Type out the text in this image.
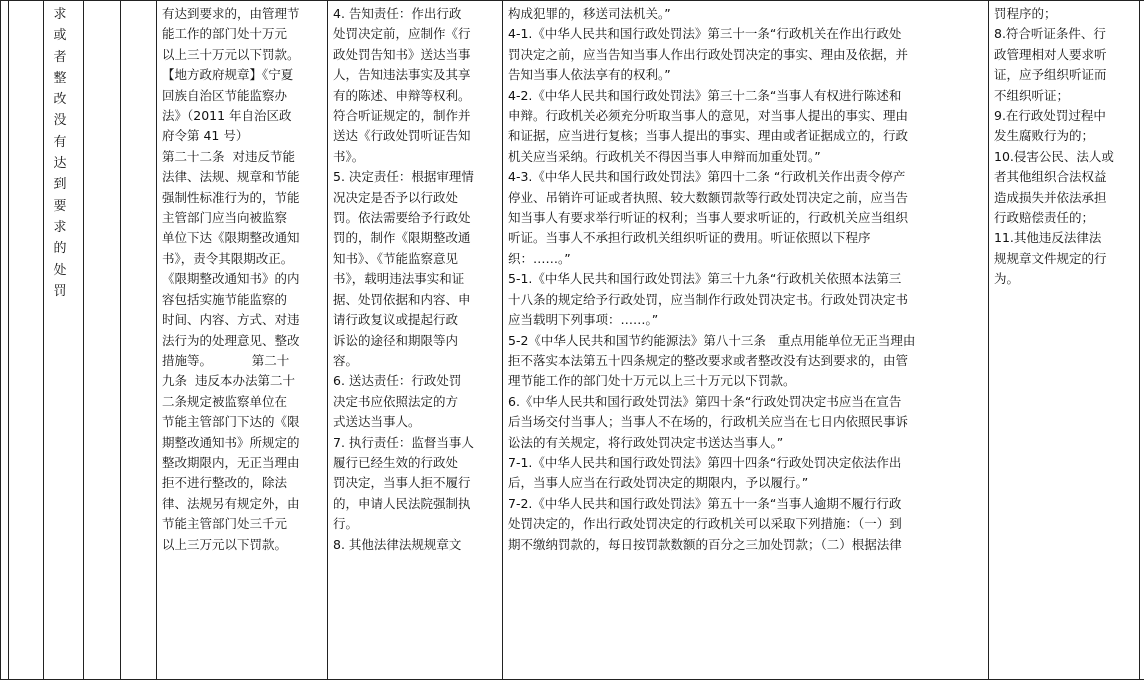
求
或
者
整
改
没
有
达
到
要
求
的
处
罚
有达到要求的，由管理节
能工作的部门处十万元
以上三十万元以下罚款。
【地方政府规章】《宁夏
回族自治区节能监察办
法》（2011 年自治区政
府令第 41 号）
第二十二条  对违反节能
法律、法规、规章和节能
强制性标准行为的，节能
主管部门应当向被监察
单位下达《限期整改通知
书》，责令其限期改正。
《限期整改通知书》的内
容包括实施节能监察的
时间、内容、方式、对违
法行为的处理意见、整改
措施等。          第二十
九条  违反本办法第二十
二条规定被监察单位在
节能主管部门下达的《限
期整改通知书》所规定的
整改期限内，无正当理由
拒不进行整改的，除法
律、法规另有规定外，由
节能主管部门处三千元
以上三万元以下罚款。
4. 告知责任：作出行政
处罚决定前，应制作《行
政处罚告知书》送达当事
人，告知违法事实及其享
有的陈述、申辩等权利。
符合听证规定的，制作并
送达《行政处罚听证告知
书》。
5. 决定责任：根据审理情
况决定是否予以行政处
罚。依法需要给予行政处
罚的，制作《限期整改通
知书》、《节能监察意见
书》，载明违法事实和证
据、处罚依据和内容、申
请行政复议或提起行政
诉讼的途径和期限等内
容。
6. 送达责任：行政处罚
决定书应依照法定的方
式送达当事人。
7. 执行责任：监督当事人
履行已经生效的行政处
罚决定，当事人拒不履行
的，申请人民法院强制执
行。
8. 其他法律法规规章文
构成犯罪的，移送司法机关。”
4-1.《中华人民共和国行政处罚法》第三十一条“行政机关在作出行政处
罚决定之前，应当告知当事人作出行政处罚决定的事实、理由及依据，并
告知当事人依法享有的权利。”
4-2.《中华人民共和国行政处罚法》第三十二条“当事人有权进行陈述和
申辩。行政机关必须充分听取当事人的意见，对当事人提出的事实、理由
和证据，应当进行复核；当事人提出的事实、理由或者证据成立的，行政
机关应当采纳。行政机关不得因当事人申辩而加重处罚。”
4-3.《中华人民共和国行政处罚法》第四十二条 “行政机关作出责令停产
停业、吊销许可证或者执照、较大数额罚款等行政处罚决定之前，应当告
知当事人有要求举行听证的权利；当事人要求听证的，行政机关应当组织
听证。当事人不承担行政机关组织听证的费用。听证依照以下程序
织：……。”
5-1.《中华人民共和国行政处罚法》第三十九条“行政机关依照本法第三
十八条的规定给予行政处罚，应当制作行政处罚决定书。行政处罚决定书
应当载明下列事项：……。”
5-2《中华人民共和国节约能源法》第八十三条   重点用能单位无正当理由
拒不落实本法第五十四条规定的整改要求或者整改没有达到要求的，由管
理节能工作的部门处十万元以上三十万元以下罚款。
6.《中华人民共和国行政处罚法》第四十条“行政处罚决定书应当在宣告
后当场交付当事人；当事人不在场的，行政机关应当在七日内依照民事诉
讼法的有关规定，将行政处罚决定书送达当事人。”
7-1.《中华人民共和国行政处罚法》第四十四条“行政处罚决定依法作出
后，当事人应当在行政处罚决定的期限内，予以履行。”
7-2.《中华人民共和国行政处罚法》第五十一条“当事人逾期不履行行政
处罚决定的，作出行政处罚决定的行政机关可以采取下列措施：（一）到
期不缴纳罚款的，每日按罚款数额的百分之三加处罚款；（二）根据法律
罚程序的；
8.符合听证条件、行
政管理相对人要求听
证，应予组织听证而
不组织听证；
9.在行政处罚过程中
发生腐败行为的；
10.侵害公民、法人或
者其他组织合法权益
造成损失并依法承担
行政赔偿责任的；
11.其他违反法律法
规规章文件规定的行
为。
